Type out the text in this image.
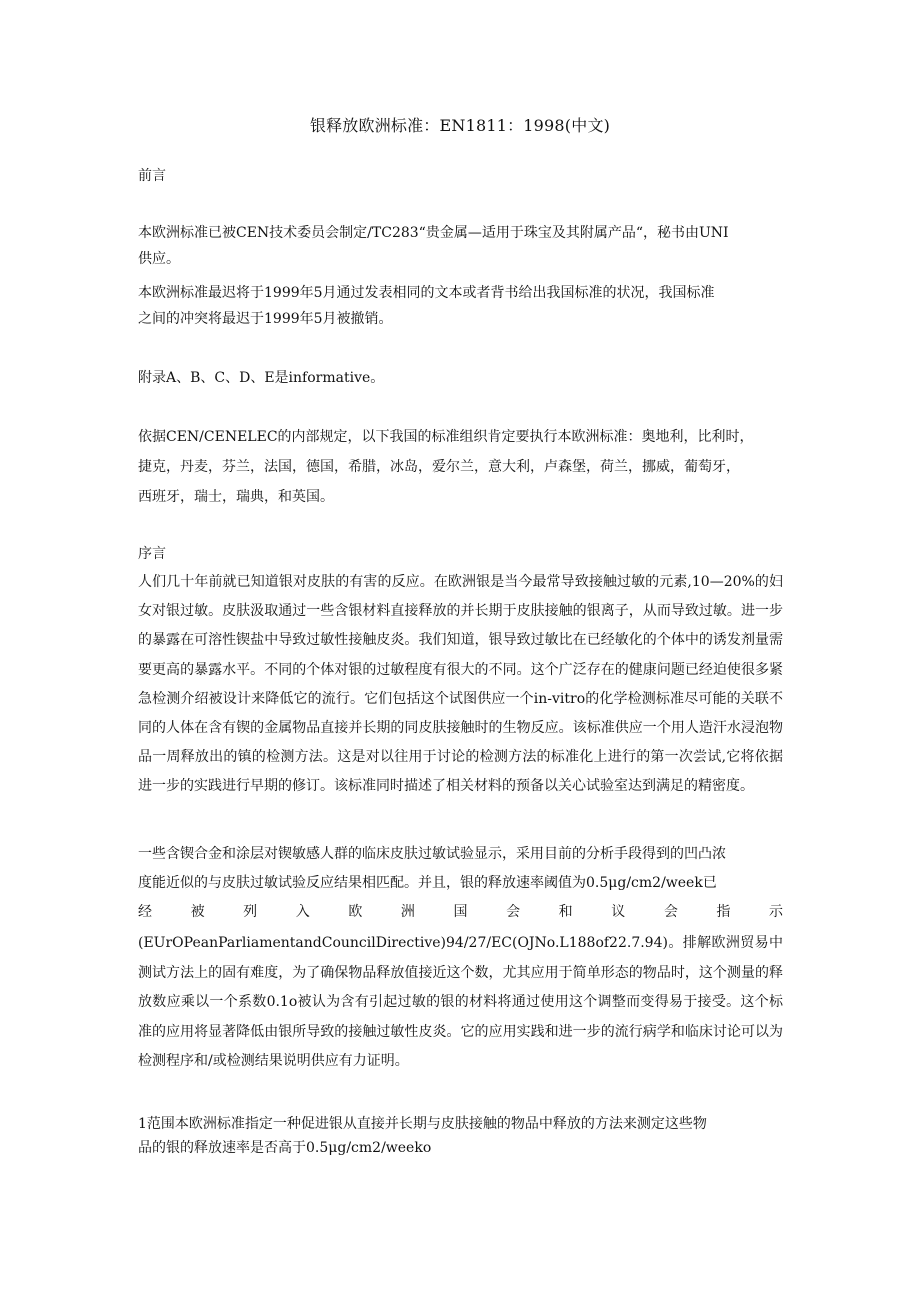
银释放欧洲标准：EN1811：1998(中文)
前言
本欧洲标准已被CEN技术委员会制定/TC283“贵金属—适用于珠宝及其附属产品“，秘书由UNI
供应。
本欧洲标准最迟将于1999年5月通过发表相同的文本或者背书给出我国标准的状况，我国标准
之间的冲突将最迟于1999年5月被撤销。
附录A、B、C、D、E是informative。
依据CEN/CENELEC的内部规定，以下我国的标准组织肯定要执行本欧洲标准：奥地利，比利时，
捷克，丹麦，芬兰，法国，德国，希腊，冰岛，爱尔兰，意大利，卢森堡，荷兰，挪威，葡萄牙，
西班牙，瑞士，瑞典，和英国。
序言
人们几十年前就已知道银对皮肤的有害的反应。在欧洲银是当今最常导致接触过敏的元素,10—20%的妇女对银过敏。皮肤汲取通过一些含银材料直接释放的并长期于皮肤接触的银离子，从而导致过敏。进一步的暴露在可溶性锲盐中导致过敏性接触皮炎。我们知道，银导致过敏比在已经敏化的个体中的诱发剂量需要更高的暴露水平。不同的个体对银的过敏程度有很大的不同。这个广泛存在的健康问题已经迫使很多紧急检测介绍被设计来降低它的流行。它们包括这个试图供应一个in-vitro的化学检测标准尽可能的关联不同的人体在含有锲的金属物品直接并长期的同皮肤接触时的生物反应。该标准供应一个用人造汗水浸泡物品一周释放出的镇的检测方法。这是对以往用于讨论的检测方法的标准化上进行的第一次尝试,它将依据进一步的实践进行早期的修订。该标准同时描述了相关材料的预备以关心试验室达到满足的精密度。
一些含锲合金和涂层对锲敏感人群的临床皮肤过敏试验显示，采用目前的分析手段得到的凹凸浓
度能近似的与皮肤过敏试验反应结果相匹配。并且，银的释放速率阈值为0.5μg/cm2/week已
经被列入欧洲国会和议会指示
(EUrOPeanParliamentandCouncilDirective)94/27/EC(OJNo.L188of22.7.94)。排解欧洲贸易中测试方法上的固有难度，为了确保物品释放值接近这个数，尤其应用于简单形态的物品时，这个测量的释放数应乘以一个系数0.1o被认为含有引起过敏的银的材料将通过使用这个调整而变得易于接受。这个标准的应用将显著降低由银所导致的接触过敏性皮炎。它的应用实践和进一步的流行病学和临床讨论可以为检测程序和/或检测结果说明供应有力证明。
1范围本欧洲标准指定一种促进银从直接并长期与皮肤接触的物品中释放的方法来测定这些物
品的银的释放速率是否高于0.5μg/cm2/weeko
